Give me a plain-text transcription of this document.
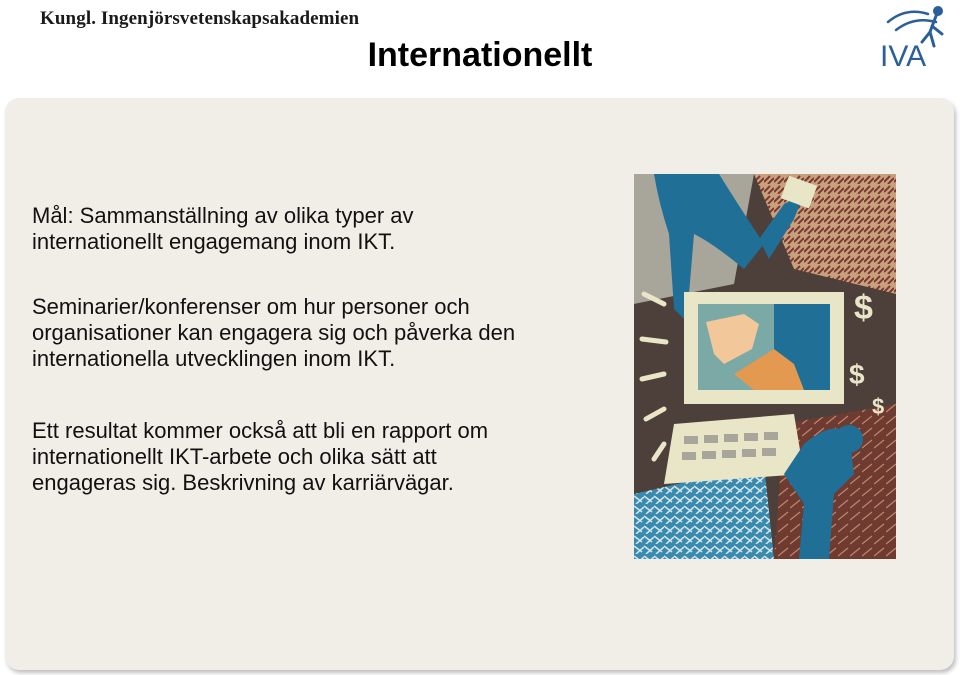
Kungl. Ingenjörsvetenskapsakademien
IVA
Internationellt

Mål: Sammanställning av olika typer av
internationellt engagemang inom IKT.

Seminarier/konferenser om hur personer och
organisationer kan engagera sig och påverka den
internationella utvecklingen inom IKT.

Ett resultat kommer också att bli en rapport om
internationellt IKT-arbete och olika sätt att
engageras sig. Beskrivning av karriärvägar.

$
$
$
